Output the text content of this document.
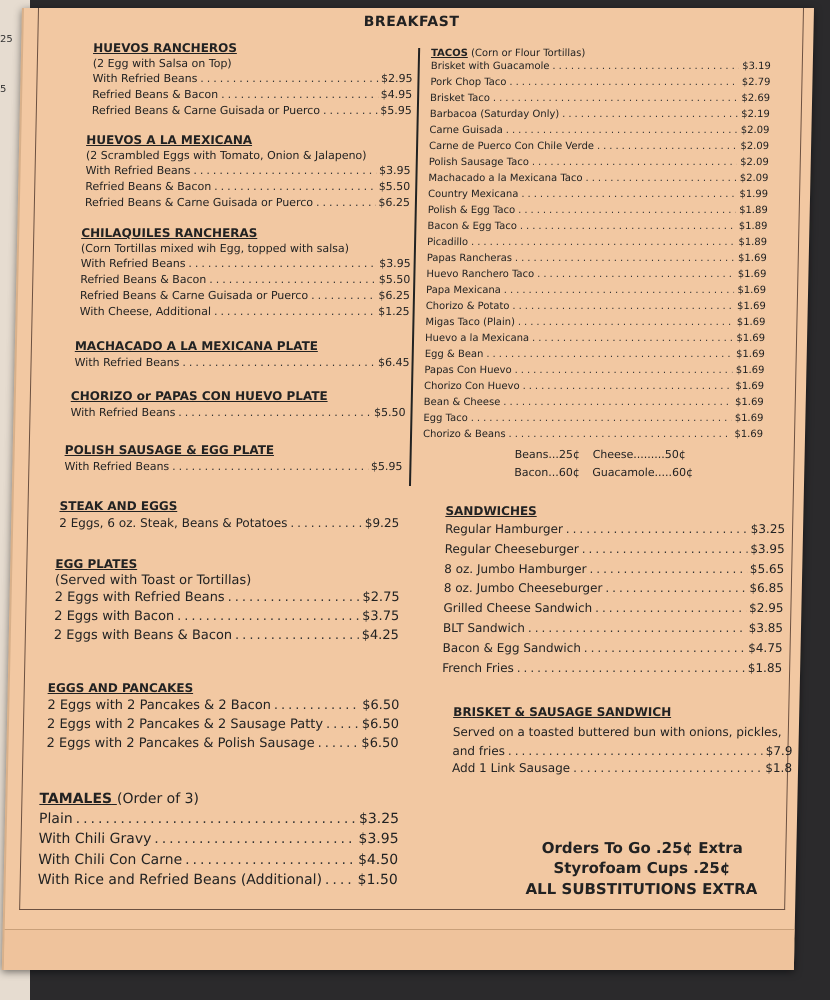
25
5
BREAKFAST
HUEVOS RANCHEROS
(2 Egg with Salsa on Top)
With Refried Beans .....	$2.95
Refried Beans & Bacon .....	$4.95
Refried Beans & Carne Guisada or Puerco .....	$5.95
HUEVOS A LA MEXICANA
(2 Scrambled Eggs with Tomato, Onion & Jalapeno)
With Refried Beans .....	$3.95
Refried Beans & Bacon .....	$5.50
Refried Beans & Carne Guisada or Puerco .....	$6.25
CHILAQUILES RANCHERAS
(Corn Tortillas mixed wih Egg, topped with salsa)
With Refried Beans .....	$3.95
Refried Beans & Bacon .....	$5.50
Refried Beans & Carne Guisada or Puerco .....	$6.25
With Cheese, Additional .....	$1.25
MACHACADO A LA MEXICANA PLATE
With Refried Beans .....	$6.45
CHORIZO or PAPAS CON HUEVO PLATE
With Refried Beans .....	$5.50
POLISH SAUSAGE & EGG PLATE
With Refried Beans .....	$5.95
STEAK AND EGGS
2 Eggs, 6 oz. Steak, Beans & Potatoes .....	$9.25
EGG PLATES
(Served with Toast or Tortillas)
2 Eggs with Refried Beans .....	$2.75
2 Eggs with Bacon .....	$3.75
2 Eggs with Beans & Bacon .....	$4.25
EGGS AND PANCAKES
2 Eggs with 2 Pancakes & 2 Bacon .....	$6.50
2 Eggs with 2 Pancakes & 2 Sausage Patty .....	$6.50
2 Eggs with 2 Pancakes & Polish Sausage .....	$6.50
TAMALES (Order of 3)
Plain .....	$3.25
With Chili Gravy .....	$3.95
With Chili Con Carne .....	$4.50
With Rice and Refried Beans (Additional) .....	$1.50
TACOS (Corn or Flour Tortillas)
Brisket with Guacamole .....	$3.19
Pork Chop Taco .....	$2.79
Brisket Taco .....	$2.69
Barbacoa (Saturday Only) .....	$2.19
Carne Guisada .....	$2.09
Carne de Puerco Con Chile Verde .....	$2.09
Polish Sausage Taco .....	$2.09
Machacado a la Mexicana Taco .....	$2.09
Country Mexicana .....	$1.99
Polish & Egg Taco .....	$1.89
Bacon & Egg Taco .....	$1.89
Picadillo .....	$1.89
Papas Rancheras .....	$1.69
Huevo Ranchero Taco .....	$1.69
Papa Mexicana .....	$1.69
Chorizo & Potato .....	$1.69
Migas Taco (Plain) .....	$1.69
Huevo a la Mexicana .....	$1.69
Egg & Bean .....	$1.69
Papas Con Huevo .....	$1.69
Chorizo Con Huevo .....	$1.69
Bean & Cheese .....	$1.69
Egg Taco .....	$1.69
Chorizo & Beans .....	$1.69
Beans...25¢ Cheese.........50¢
Bacon...60¢ Guacamole.....60¢
SANDWICHES
Regular Hamburger .....	$3.25
Regular Cheeseburger .....	$3.95
8 oz. Jumbo Hamburger .....	$5.65
8 oz. Jumbo Cheeseburger .....	$6.85
Grilled Cheese Sandwich .....	$2.95
BLT Sandwich .....	$3.85
Bacon & Egg Sandwich .....	$4.75
French Fries .....	$1.85
BRISKET & SAUSAGE SANDWICH
Served on a toasted buttered bun with onions, pickles,
and fries .....	$7.9
Add 1 Link Sausage .....	$1.8
Orders To Go .25¢ Extra
Styrofoam Cups .25¢
ALL SUBSTITUTIONS EXTRA
